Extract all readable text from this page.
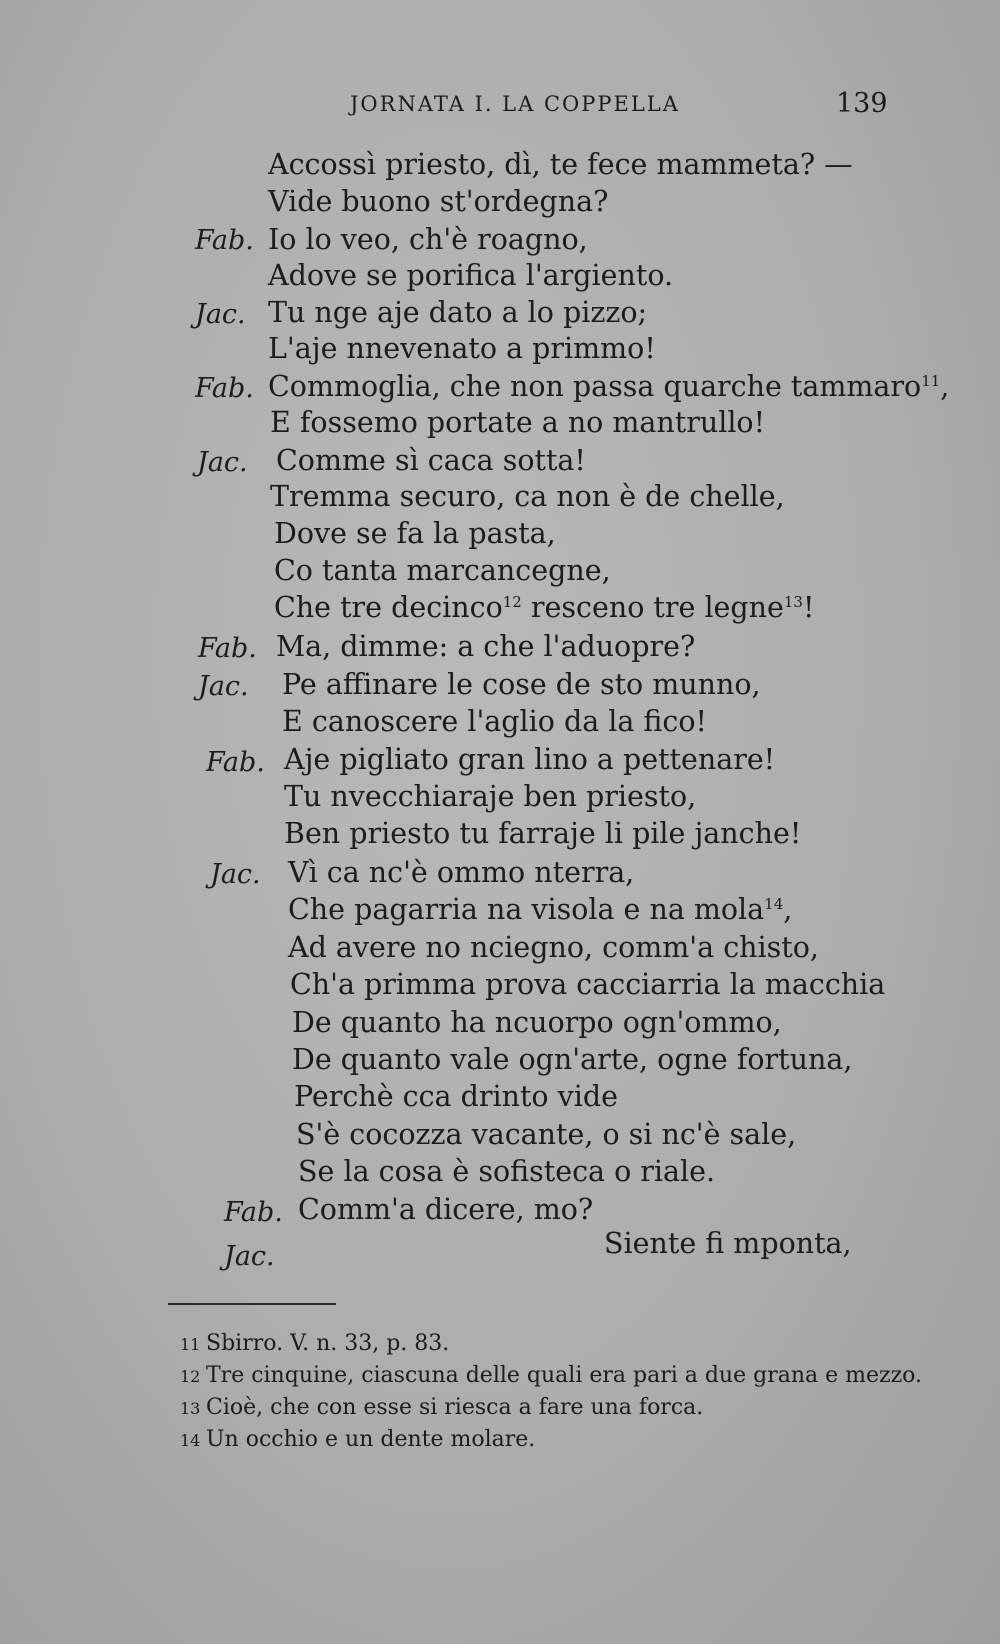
JORNATA I. LA COPPELLA	139
Accossì priesto, dì, te fece mammeta? —
Vide buono st'ordegna?
Fab. Io lo veo, ch'è roagno,
Adove se porifica l'argiento.
Jac. Tu nge aje dato a lo pizzo;
L'aje nnevenato a primmo!
Fab. Commoglia, che non passa quarche tammaro$^{11}$,
E fossemo portate a no mantrullo!
Jac. Comme sì caca sotta!
Tremma securo, ca non è de chelle,
Dove se fa la pasta,
Co tanta marcancegne,
Che tre decinco$^{12}$ resceno tre legne$^{13}$!
Fab. Ma, dimme: a che l'aduopre?
Jac. Pe affinare le cose de sto munno,
E canoscere l'aglio da la fico!
Fab. Aje pigliato gran lino a pettenare!
Tu nvecchiaraje ben priesto,
Ben priesto tu farraje li pile janche!
Jac. Vì ca nc'è ommo nterra,
Che pagarria na visola e na mola$^{14}$,
Ad avere no nciegno, comm'a chisto,
Ch'a primma prova cacciarria la macchia
De quanto ha ncuorpo ogn'ommo,
De quanto vale ogn'arte, ogne fortuna,
Perchè cca drinto vide
S'è cocozza vacante, o si nc'è sale,
Se la cosa è sofisteca o riale.
Fab. Comm'a dicere, mo?
Jac.	Siente fi mponta,
11 Sbirro. V. n. 33, p. 83.
12 Tre cinquine, ciascuna delle quali era pari a due grana e mezzo.
13 Cioè, che con esse si riesca a fare una forca.
14 Un occhio e un dente molare.
